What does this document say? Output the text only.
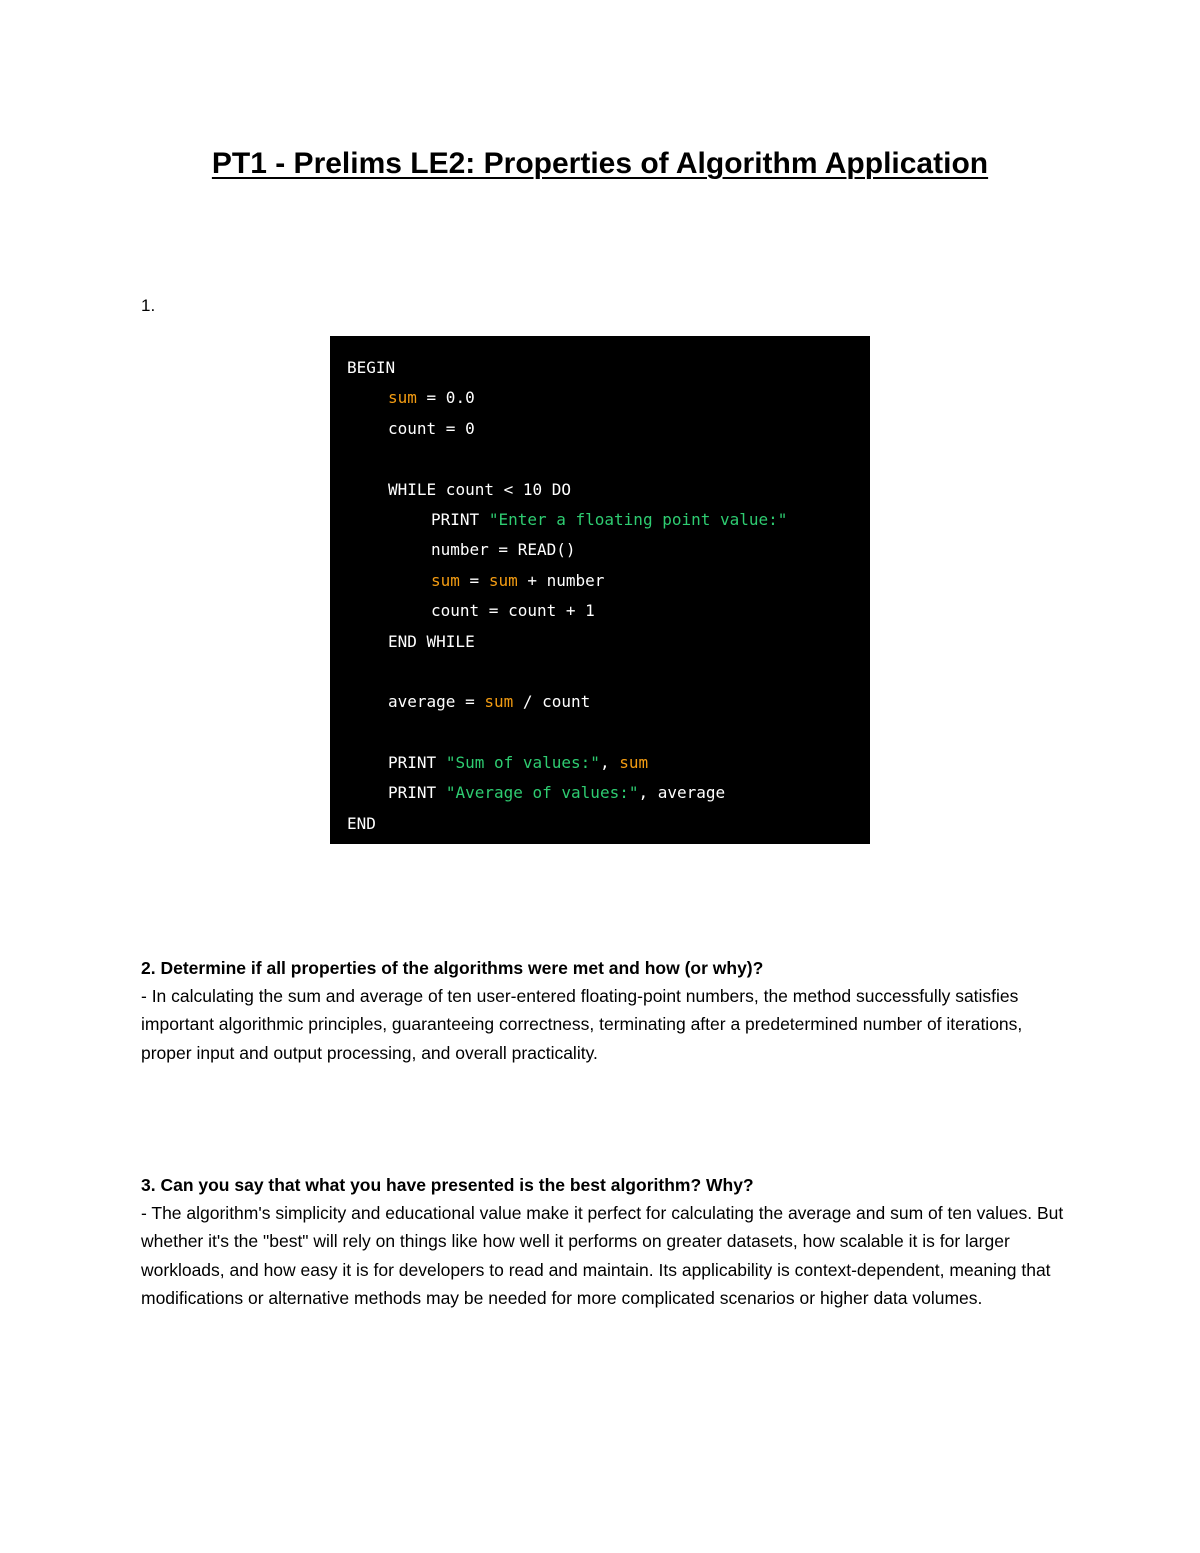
PT1 - Prelims LE2: Properties of Algorithm Application
1.
BEGIN
sum = 0.0
count = 0
WHILE count < 10 DO
PRINT "Enter a floating point value:"
number = READ()
sum = sum + number
count = count + 1
END WHILE
average = sum / count
PRINT "Sum of values:", sum
PRINT "Average of values:", average
END

2. Determine if all properties of the algorithms were met and how (or why)?

- In calculating the sum and average of ten user-entered floating-point numbers, the method successfully satisfies important algorithmic principles, guaranteeing correctness, terminating after a predetermined number of iterations, proper input and output processing, and overall practicality.

3. Can you say that what you have presented is the best algorithm? Why?

- The algorithm's simplicity and educational value make it perfect for calculating the average and sum of ten values. But whether it's the "best" will rely on things like how well it performs on greater datasets, how scalable it is for larger workloads, and how easy it is for developers to read and maintain. Its applicability is context-dependent, meaning that modifications or alternative methods may be needed for more complicated scenarios or higher data volumes.
